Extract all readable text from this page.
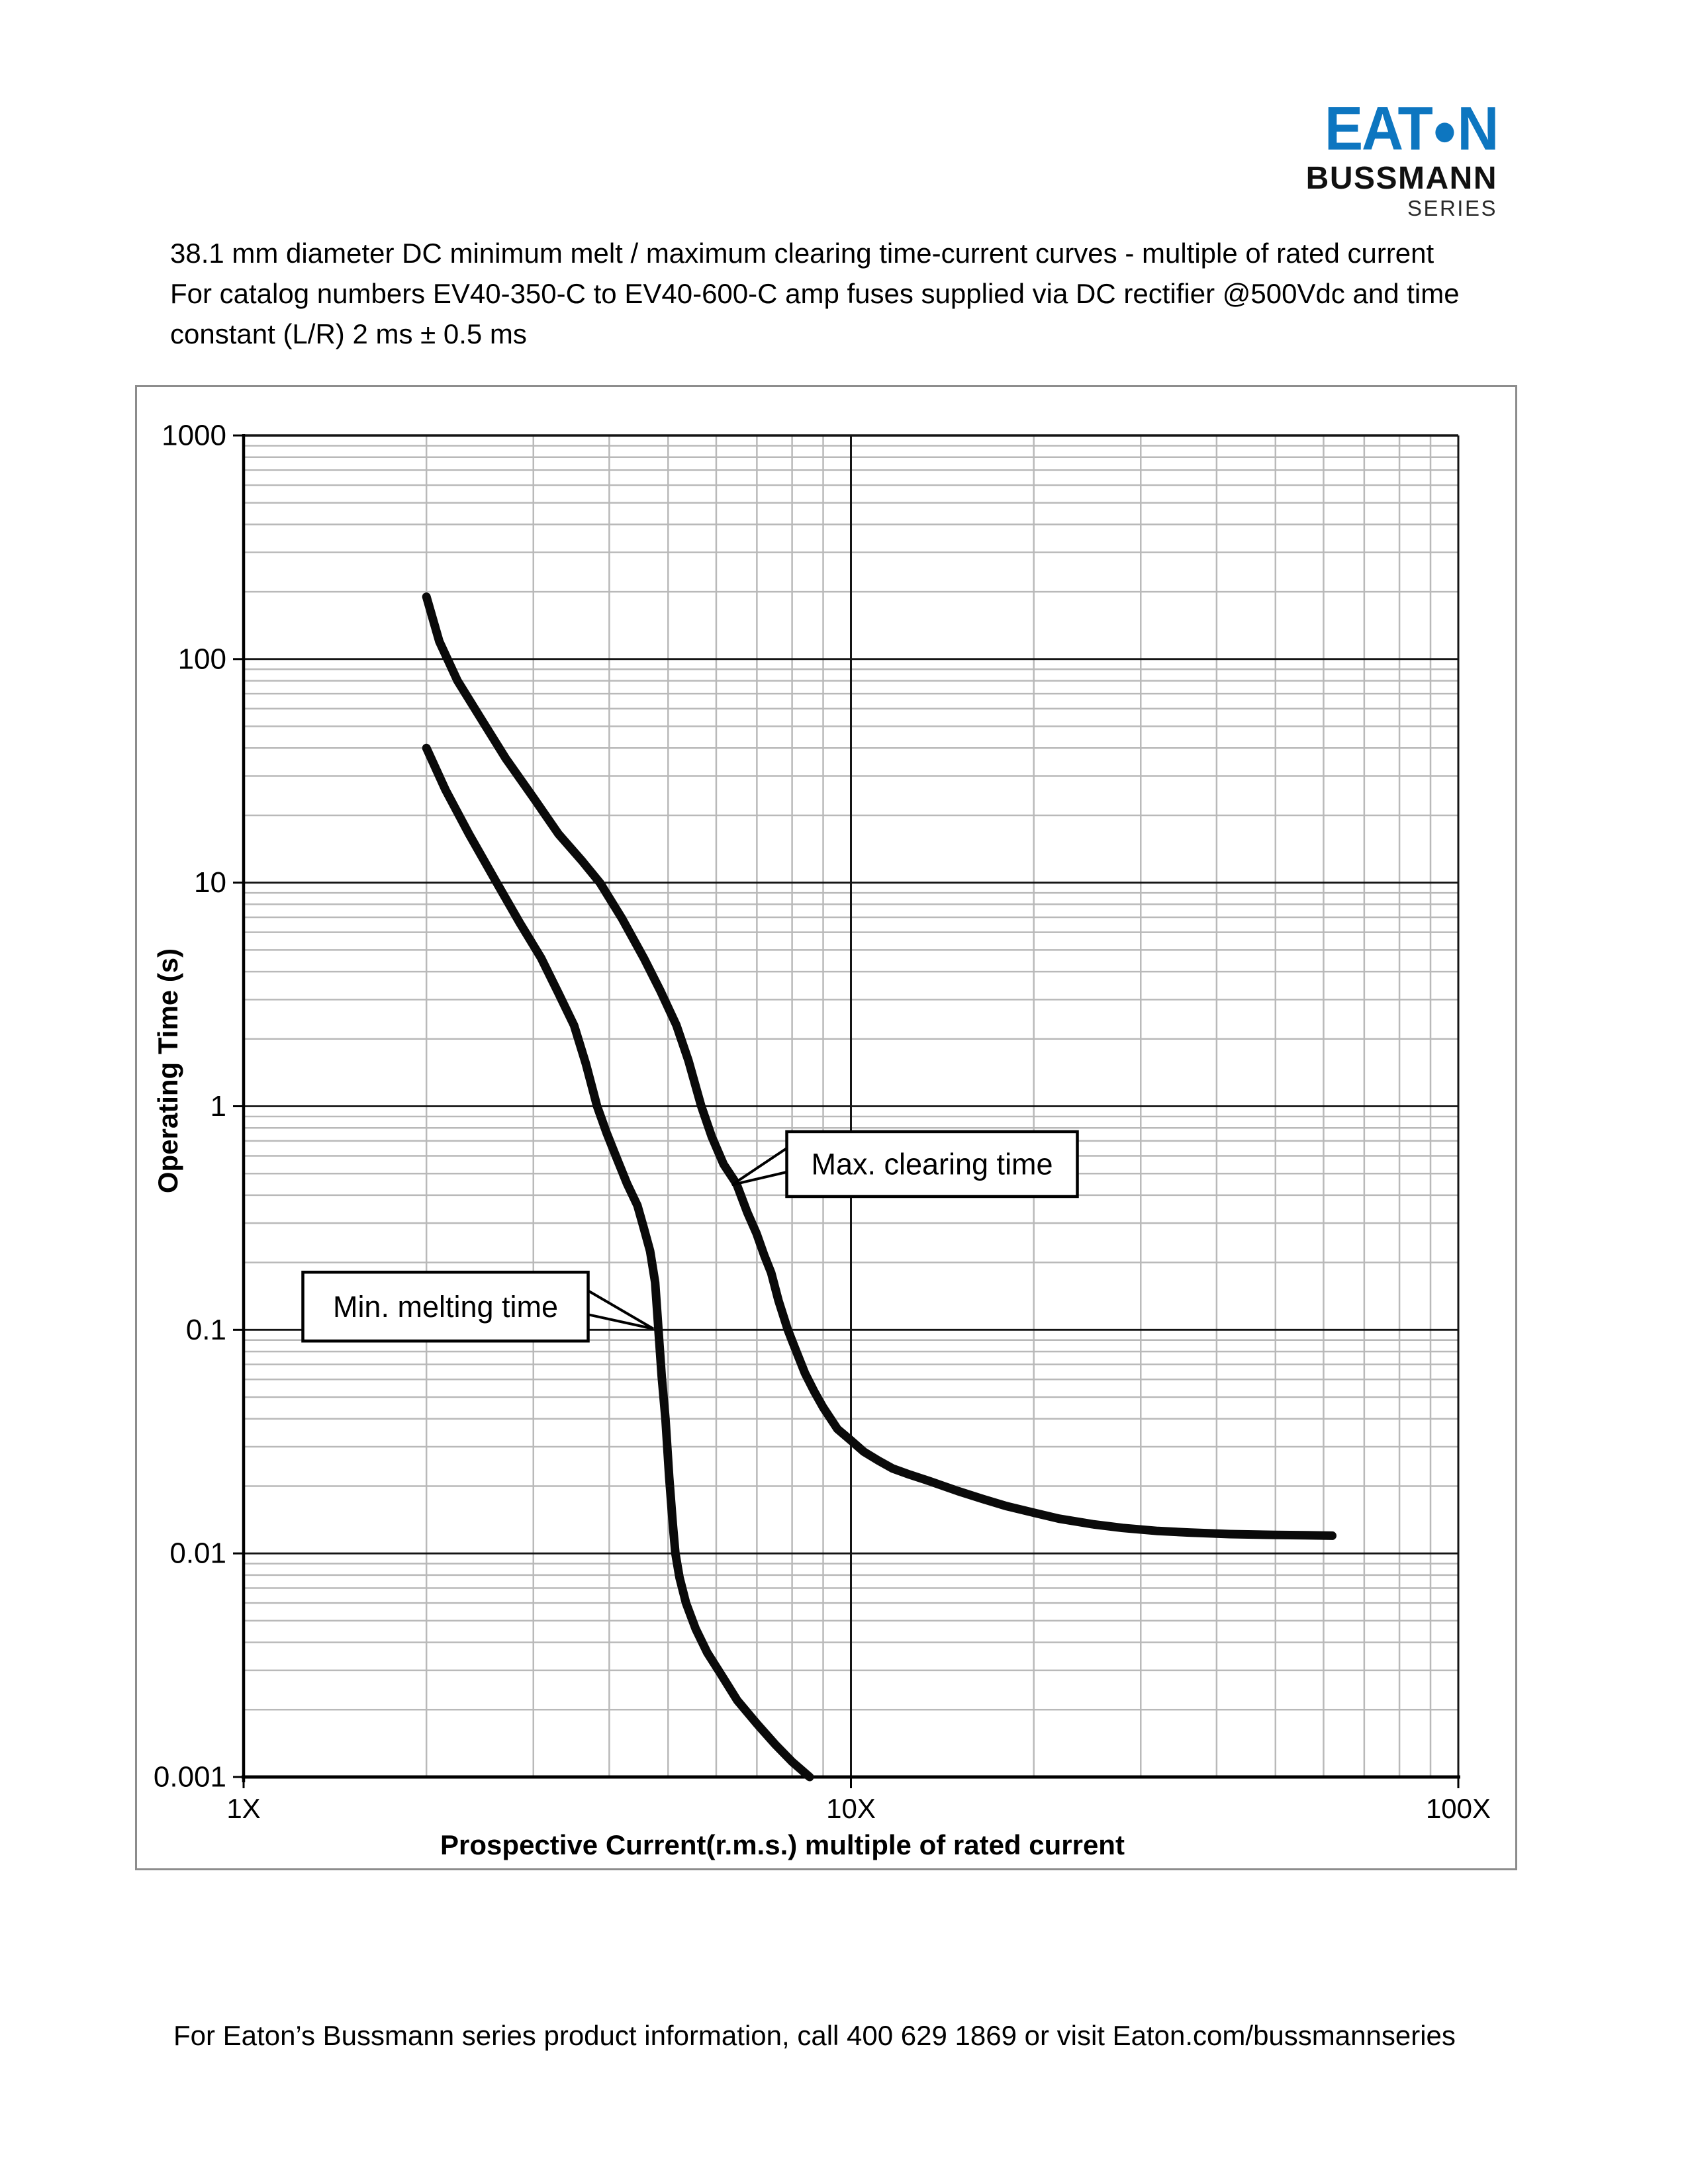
EAT N
BUSSMANN
SERIES
38.1 mm diameter DC minimum melt / maximum clearing time-current curves - multiple of rated current
For catalog numbers EV40-350-C to EV40-600-C amp fuses supplied via DC rectifier @500Vdc and time
constant (L/R) 2 ms ± 0.5 ms
1000
100
10
1
0.1
0.01
0.001
1X	10X	100X
Prospective Current(r.m.s.) multiple of rated current
Operating Time (s)
Min. melting time
Max. clearing time
For Eaton’s Bussmann series product information, call 400 629 1869 or visit Eaton.com/bussmannseries
